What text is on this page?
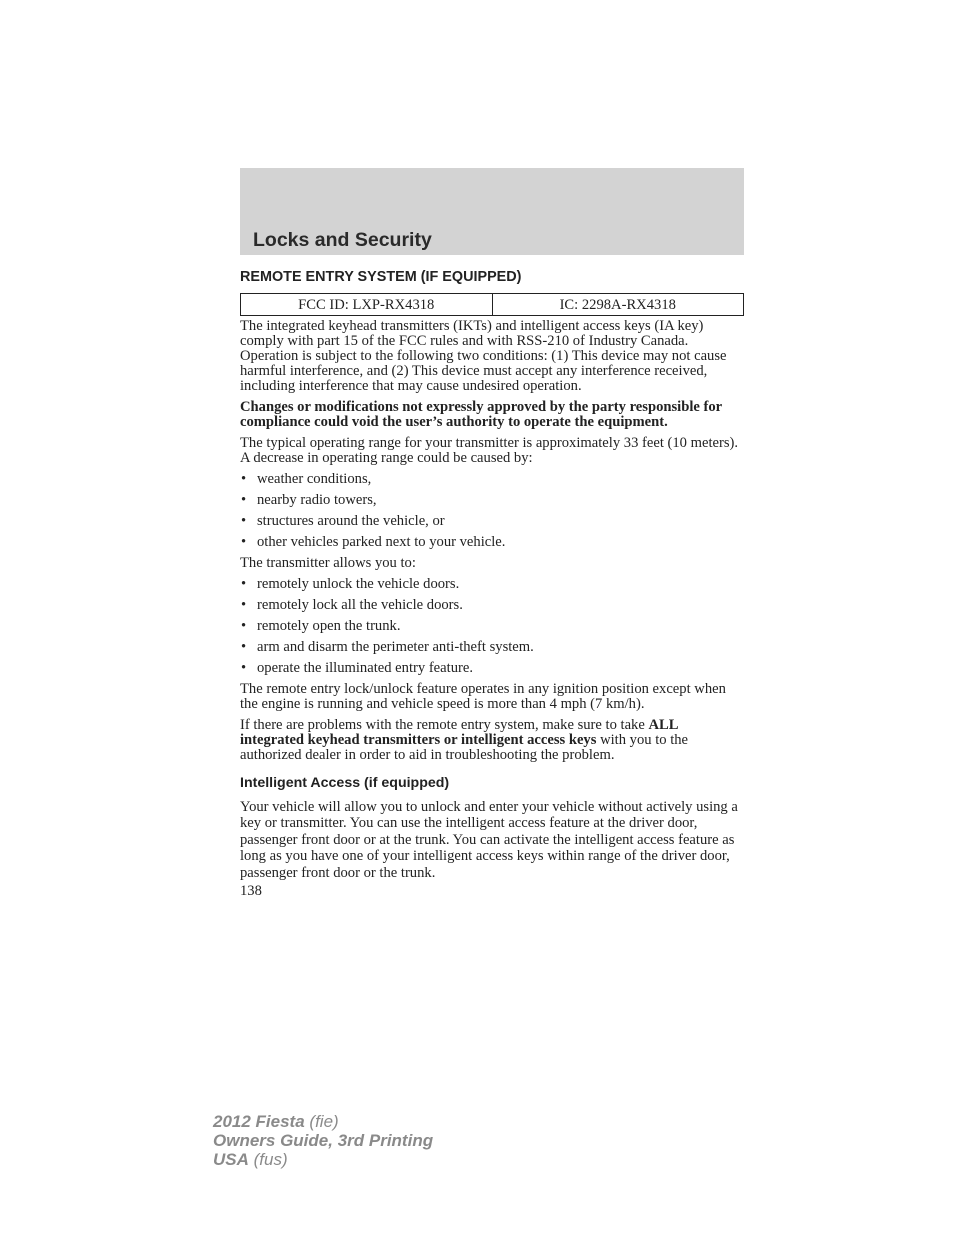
Locks and Security
REMOTE ENTRY SYSTEM (IF EQUIPPED)
FCC ID: LXP-RX4318	IC: 2298A-RX4318

The integrated keyhead transmitters (IKTs) and intelligent access keys (IA key) comply with part 15 of the FCC rules and with RSS-210 of Industry Canada. Operation is subject to the following two conditions: (1) This device may not cause harmful interference, and (2) This device must accept any interference received, including interference that may cause undesired operation.

Changes or modifications not expressly approved by the party responsible for compliance could void the user’s authority to operate the equipment.

The typical operating range for your transmitter is approximately 33 feet (10 meters). A decrease in operating range could be caused by:

• weather conditions,
• nearby radio towers,
• structures around the vehicle, or
• other vehicles parked next to your vehicle.

The transmitter allows you to:

• remotely unlock the vehicle doors.
• remotely lock all the vehicle doors.
• remotely open the trunk.
• arm and disarm the perimeter anti-theft system.
• operate the illuminated entry feature.

The remote entry lock/unlock feature operates in any ignition position except when the engine is running and vehicle speed is more than 4 mph (7 km/h).

If there are problems with the remote entry system, make sure to take ALL integrated keyhead transmitters or intelligent access keys with you to the authorized dealer in order to aid in troubleshooting the problem.

Intelligent Access (if equipped)

Your vehicle will allow you to unlock and enter your vehicle without actively using a key or transmitter. You can use the intelligent access feature at the driver door, passenger front door or at the trunk. You can activate the intelligent access feature as long as you have one of your intelligent access keys within range of the driver door, passenger front door or the trunk.

138
2012 Fiesta (fie)
Owners Guide, 3rd Printing
USA (fus)
